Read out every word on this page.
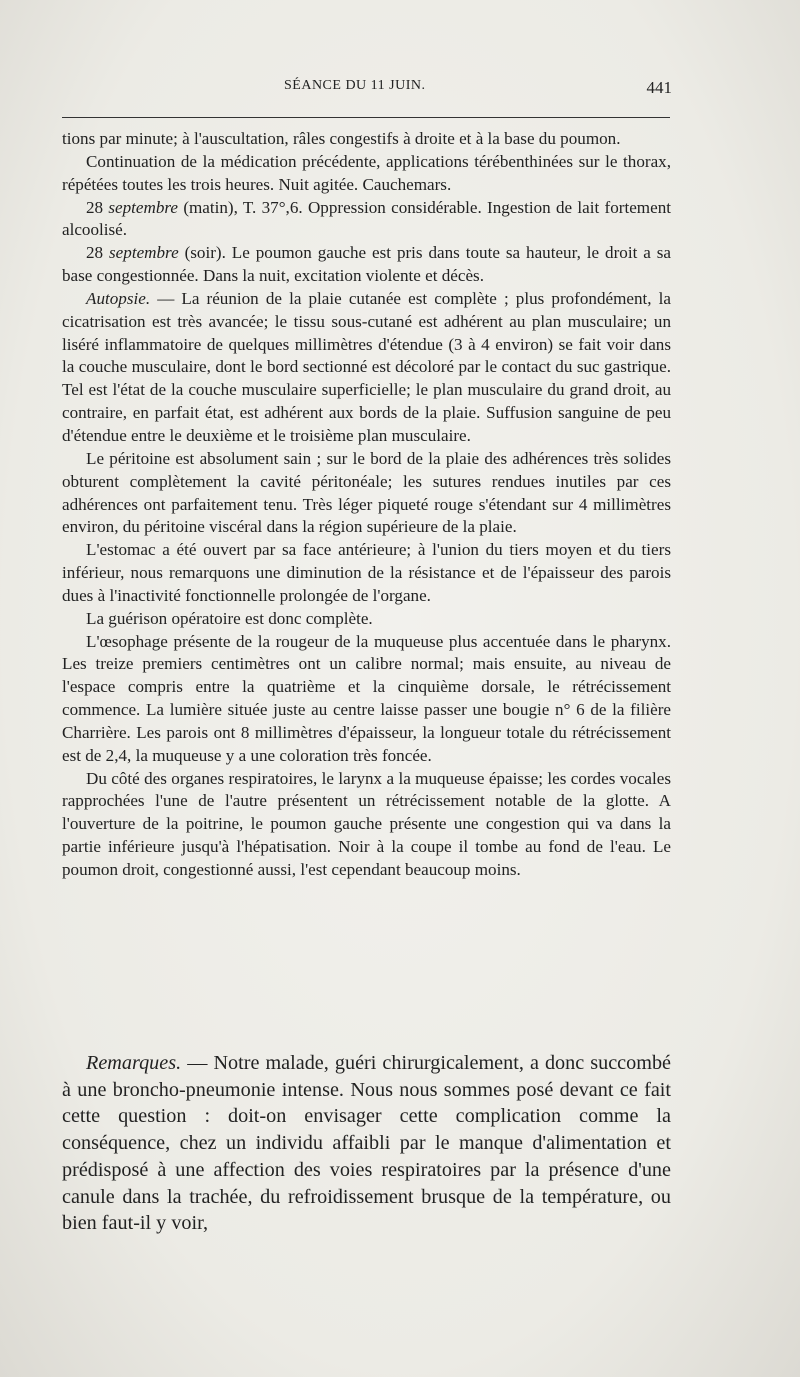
SÉANCE DU 11 JUIN.	441

tions par minute; à l'auscultation, râles congestifs à droite et à la base du poumon.

Continuation de la médication précédente, applications térébenthinées sur le thorax, répétées toutes les trois heures. Nuit agitée. Cauchemars.

28 septembre (matin), T. 37°,6. Oppression considérable. Ingestion de lait fortement alcoolisé.

28 septembre (soir). Le poumon gauche est pris dans toute sa hauteur, le droit a sa base congestionnée. Dans la nuit, excitation violente et décès.

Autopsie. — La réunion de la plaie cutanée est complète ; plus profondément, la cicatrisation est très avancée; le tissu sous-cutané est adhérent au plan musculaire; un liséré inflammatoire de quelques millimètres d'étendue (3 à 4 environ) se fait voir dans la couche musculaire, dont le bord sectionné est décoloré par le contact du suc gastrique. Tel est l'état de la couche musculaire superficielle; le plan musculaire du grand droit, au contraire, en parfait état, est adhérent aux bords de la plaie. Suffusion sanguine de peu d'étendue entre le deuxième et le troisième plan musculaire.

Le péritoine est absolument sain ; sur le bord de la plaie des adhérences très solides obturent complètement la cavité péritonéale; les sutures rendues inutiles par ces adhérences ont parfaitement tenu. Très léger piqueté rouge s'étendant sur 4 millimètres environ, du péritoine viscéral dans la région supérieure de la plaie.

L'estomac a été ouvert par sa face antérieure; à l'union du tiers moyen et du tiers inférieur, nous remarquons une diminution de la résistance et de l'épaisseur des parois dues à l'inactivité fonctionnelle prolongée de l'organe.

La guérison opératoire est donc complète.

L'œsophage présente de la rougeur de la muqueuse plus accentuée dans le pharynx. Les treize premiers centimètres ont un calibre normal; mais ensuite, au niveau de l'espace compris entre la quatrième et la cinquième dorsale, le rétrécissement commence. La lumière située juste au centre laisse passer une bougie n° 6 de la filière Charrière. Les parois ont 8 millimètres d'épaisseur, la longueur totale du rétrécissement est de 2,4, la muqueuse y a une coloration très foncée.

Du côté des organes respiratoires, le larynx a la muqueuse épaisse; les cordes vocales rapprochées l'une de l'autre présentent un rétrécissement notable de la glotte. A l'ouverture de la poitrine, le poumon gauche présente une congestion qui va dans la partie inférieure jusqu'à l'hépatisation. Noir à la coupe il tombe au fond de l'eau. Le poumon droit, congestionné aussi, l'est cependant beaucoup moins.

Remarques. — Notre malade, guéri chirurgicalement, a donc succombé à une broncho-pneumonie intense. Nous nous sommes posé devant ce fait cette question : doit-on envisager cette complication comme la conséquence, chez un individu affaibli par le manque d'alimentation et prédisposé à une affection des voies respiratoires par la présence d'une canule dans la trachée, du refroidissement brusque de la température, ou bien faut-il y voir,
